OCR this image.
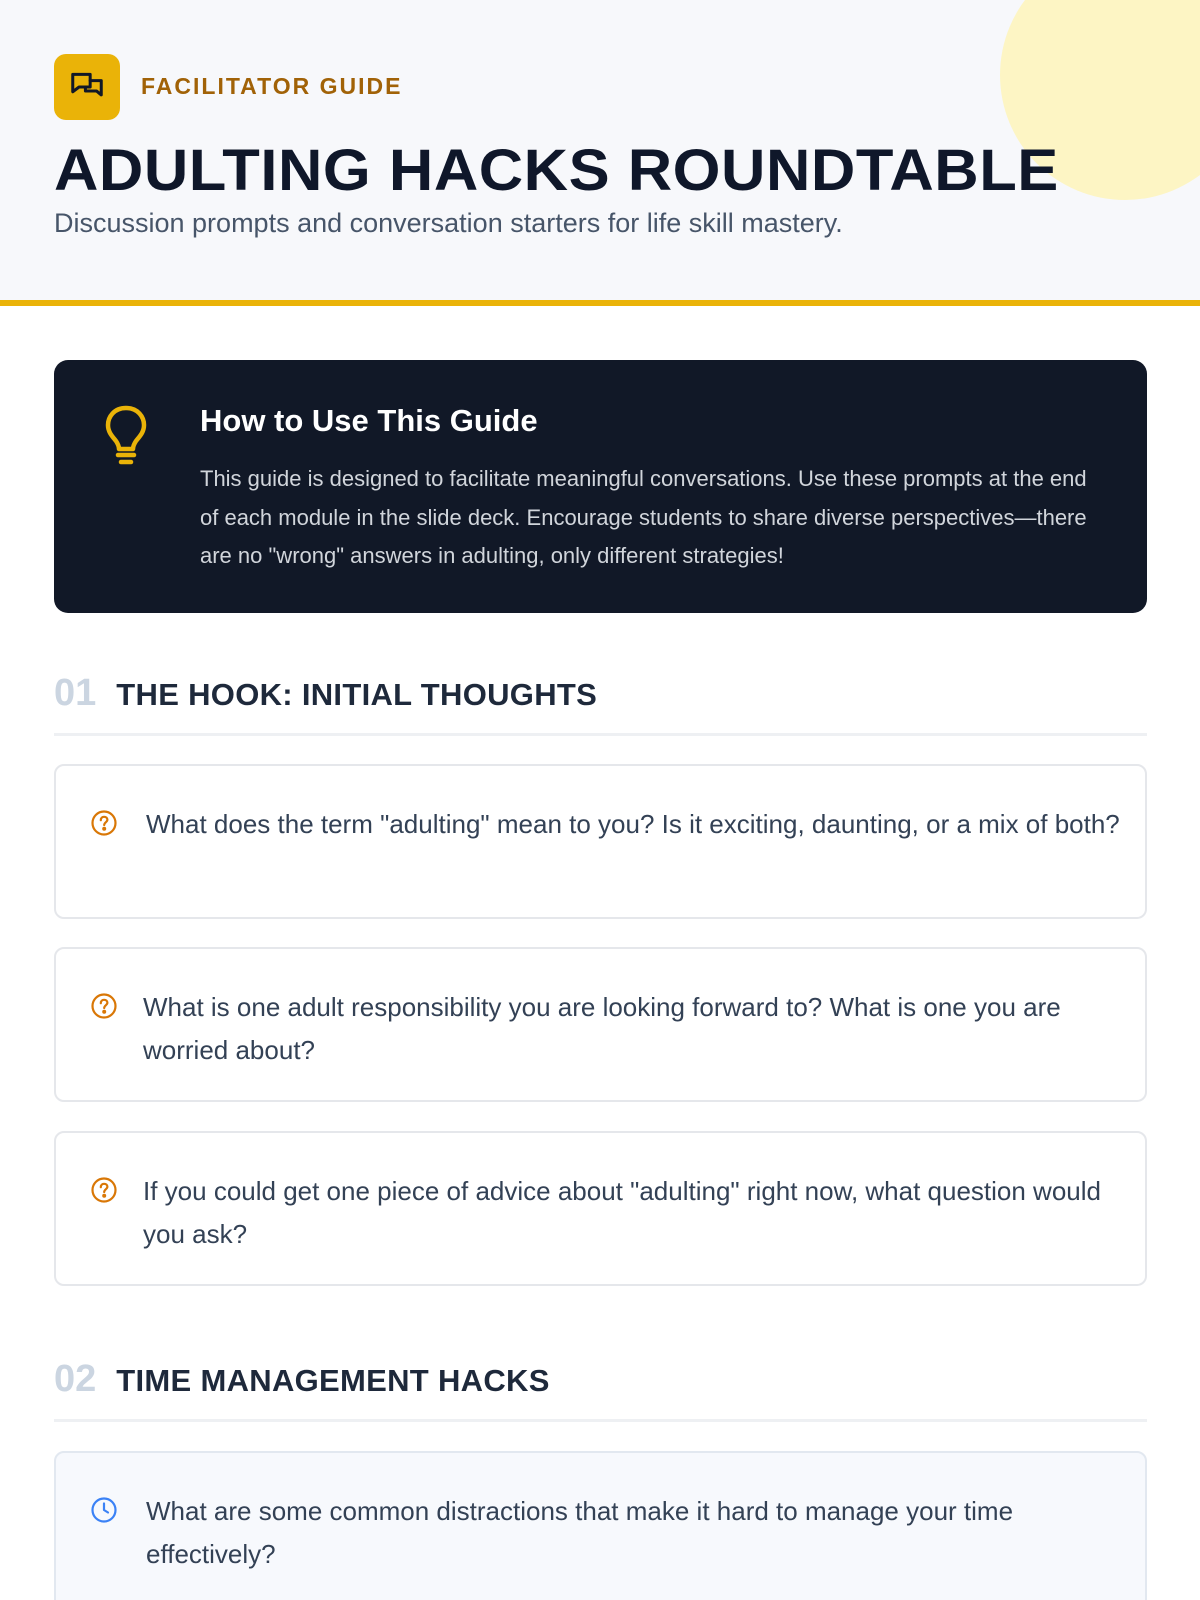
FACILITATOR GUIDE
ADULTING HACKS ROUNDTABLE
Discussion prompts and conversation starters for life skill mastery.
How to Use This Guide
This guide is designed to facilitate meaningful conversations. Use these prompts at the end of each module in the slide deck. Encourage students to share diverse perspectives—there are no "wrong" answers in adulting, only different strategies!
01 THE HOOK: INITIAL THOUGHTS
What does the term "adulting" mean to you? Is it exciting, daunting, or a mix of both?
What is one adult responsibility you are looking forward to? What is one you are worried about?
If you could get one piece of advice about "adulting" right now, what question would you ask?
02 TIME MANAGEMENT HACKS
What are some common distractions that make it hard to manage your time effectively?
